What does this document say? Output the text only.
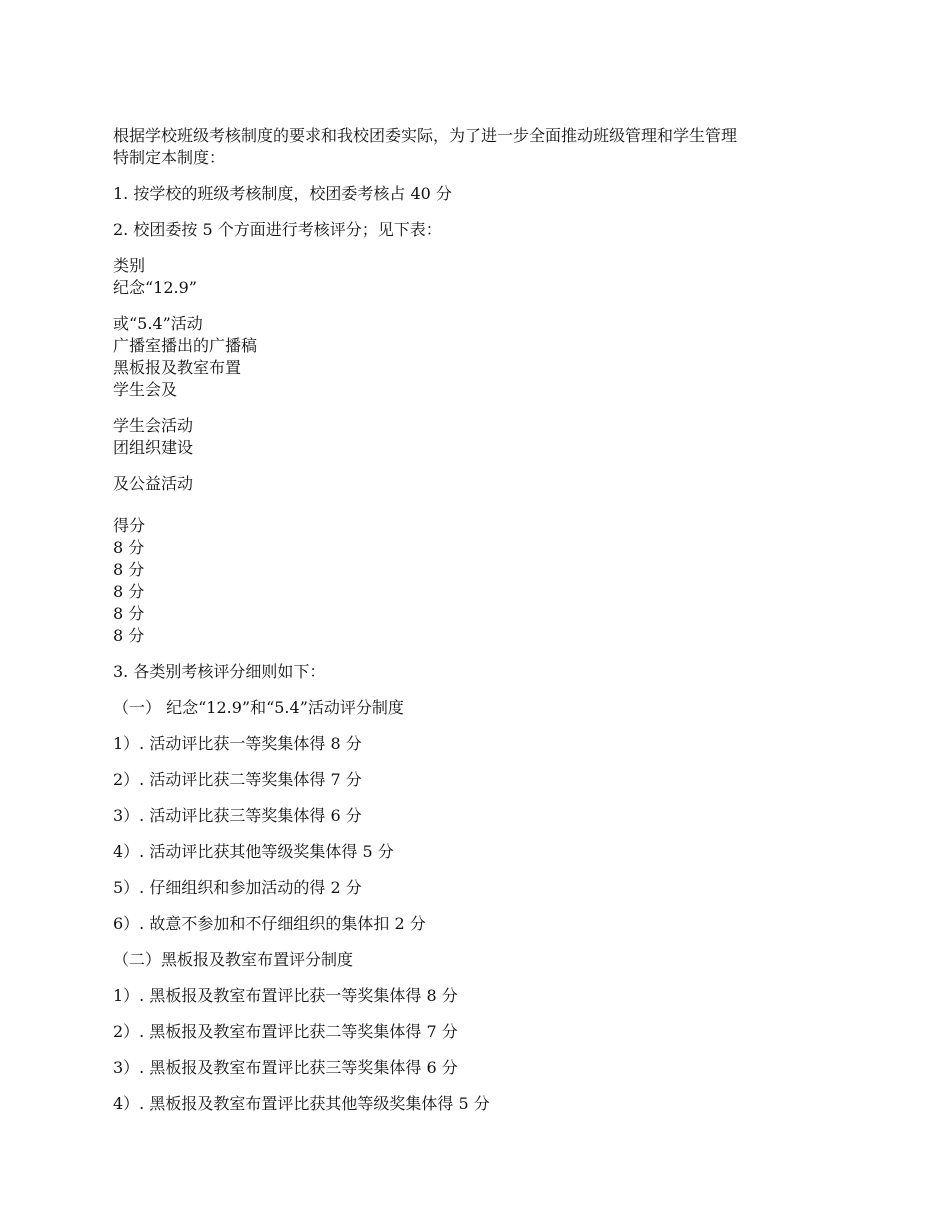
根据学校班级考核制度的要求和我校团委实际，为了进一步全面推动班级管理和学生管理
特制定本制度：
1. 按学校的班级考核制度，校团委考核占 40 分
2. 校团委按 5 个方面进行考核评分；见下表：
类别
纪念“12.9”
或“5.4”活动
广播室播出的广播稿
黑板报及教室布置
学生会及
学生会活动
团组织建设
及公益活动
得分
8 分
8 分
8 分
8 分
8 分
3. 各类别考核评分细则如下：
（一） 纪念“12.9”和“5.4”活动评分制度
1）. 活动评比获一等奖集体得 8 分
2）. 活动评比获二等奖集体得 7 分
3）. 活动评比获三等奖集体得 6 分
4）. 活动评比获其他等级奖集体得 5 分
5）. 仔细组织和参加活动的得 2 分
6）. 故意不参加和不仔细组织的集体扣 2 分
（二）黑板报及教室布置评分制度
1）. 黑板报及教室布置评比获一等奖集体得 8 分
2）. 黑板报及教室布置评比获二等奖集体得 7 分
3）. 黑板报及教室布置评比获三等奖集体得 6 分
4）. 黑板报及教室布置评比获其他等级奖集体得 5 分
